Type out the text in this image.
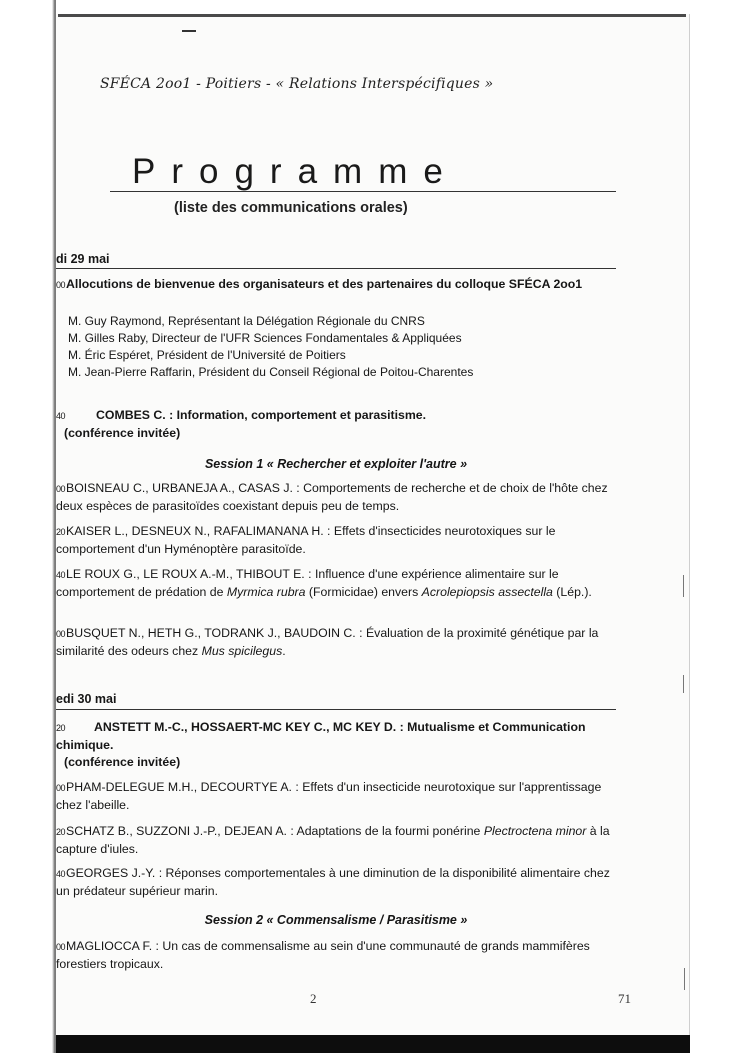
SFÉCA 2oo1 - Poitiers - « Relations Interspécifiques »
Programme
(liste des communications orales)
di 29 mai
00Allocutions de bienvenue des organisateurs et des partenaires du colloque SFÉCA 2oo1
M. Guy Raymond, Représentant la Délégation Régionale du CNRS
M. Gilles Raby, Directeur de l'UFR Sciences Fondamentales & Appliquées
M. Éric Espéret, Président de l'Université de Poitiers
M. Jean-Pierre Raffarin, Président du Conseil Régional de Poitou-Charentes
40	COMBES C. : Information, comportement et parasitisme.
(conférence invitée)
Session 1 « Rechercher et exploiter l'autre »
00BOISNEAU C., URBANEJA A., CASAS J. : Comportements de recherche et de choix de l'hôte chez deux espèces de parasitoïdes coexistant depuis peu de temps.
20KAISER L., DESNEUX N., RAFALIMANANA H. : Effets d'insecticides neurotoxiques sur le comportement d'un Hyménoptère parasitoïde.
40LE ROUX G., LE ROUX A.-M., THIBOUT E. : Influence d'une expérience alimentaire sur le comportement de prédation de Myrmica rubra (Formicidae) envers Acrolepiopsis assectella (Lép.).
00BUSQUET N., HETH G., TODRANK J., BAUDOIN C. : Évaluation de la proximité génétique par la similarité des odeurs chez Mus spicilegus.
edi 30 mai
20 ANSTETT M.-C., HOSSAERT-MC KEY C., MC KEY D. : Mutualisme et Communication chimique.
(conférence invitée)
00PHAM-DELEGUE M.H., DECOURTYE A. : Effets d'un insecticide neurotoxique sur l'apprentissage chez l'abeille.
20SCHATZ B., SUZZONI J.-P., DEJEAN A. : Adaptations de la fourmi ponérine Plectroctena minor à la capture d'iules.
40GEORGES J.-Y. : Réponses comportementales à une diminution de la disponibilité alimentaire chez un prédateur supérieur marin.
Session 2 « Commensalisme / Parasitisme »
00MAGLIOCCA F. : Un cas de commensalisme au sein d'une communauté de grands mammifères forestiers tropicaux.
2	71
